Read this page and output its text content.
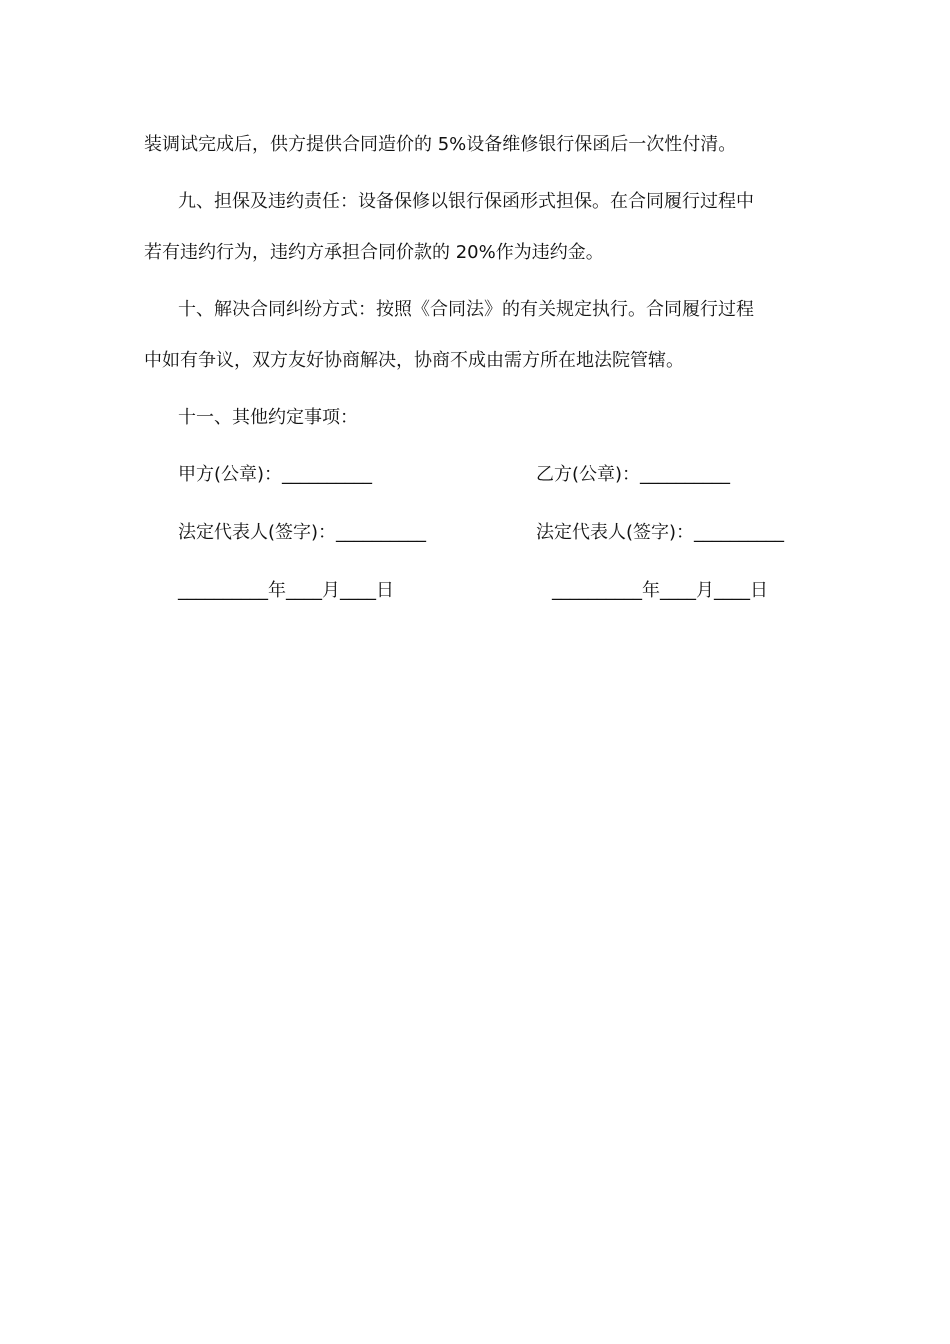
装调试完成后，供方提供合同造价的 5%设备维修银行保函后一次性付清。
九、担保及违约责任：设备保修以银行保函形式担保。在合同履行过程中
若有违约行为，违约方承担合同价款的 20%作为违约金。
十、解决合同纠纷方式：按照《合同法》的有关规定执行。合同履行过程
中如有争议，双方友好协商解决，协商不成由需方所在地法院管辖。
十一、其他约定事项：
甲方(公章)：__________	乙方(公章)：__________
法定代表人(签字)：__________	法定代表人(签字)：__________
__________年____月____日	__________年____月____日
